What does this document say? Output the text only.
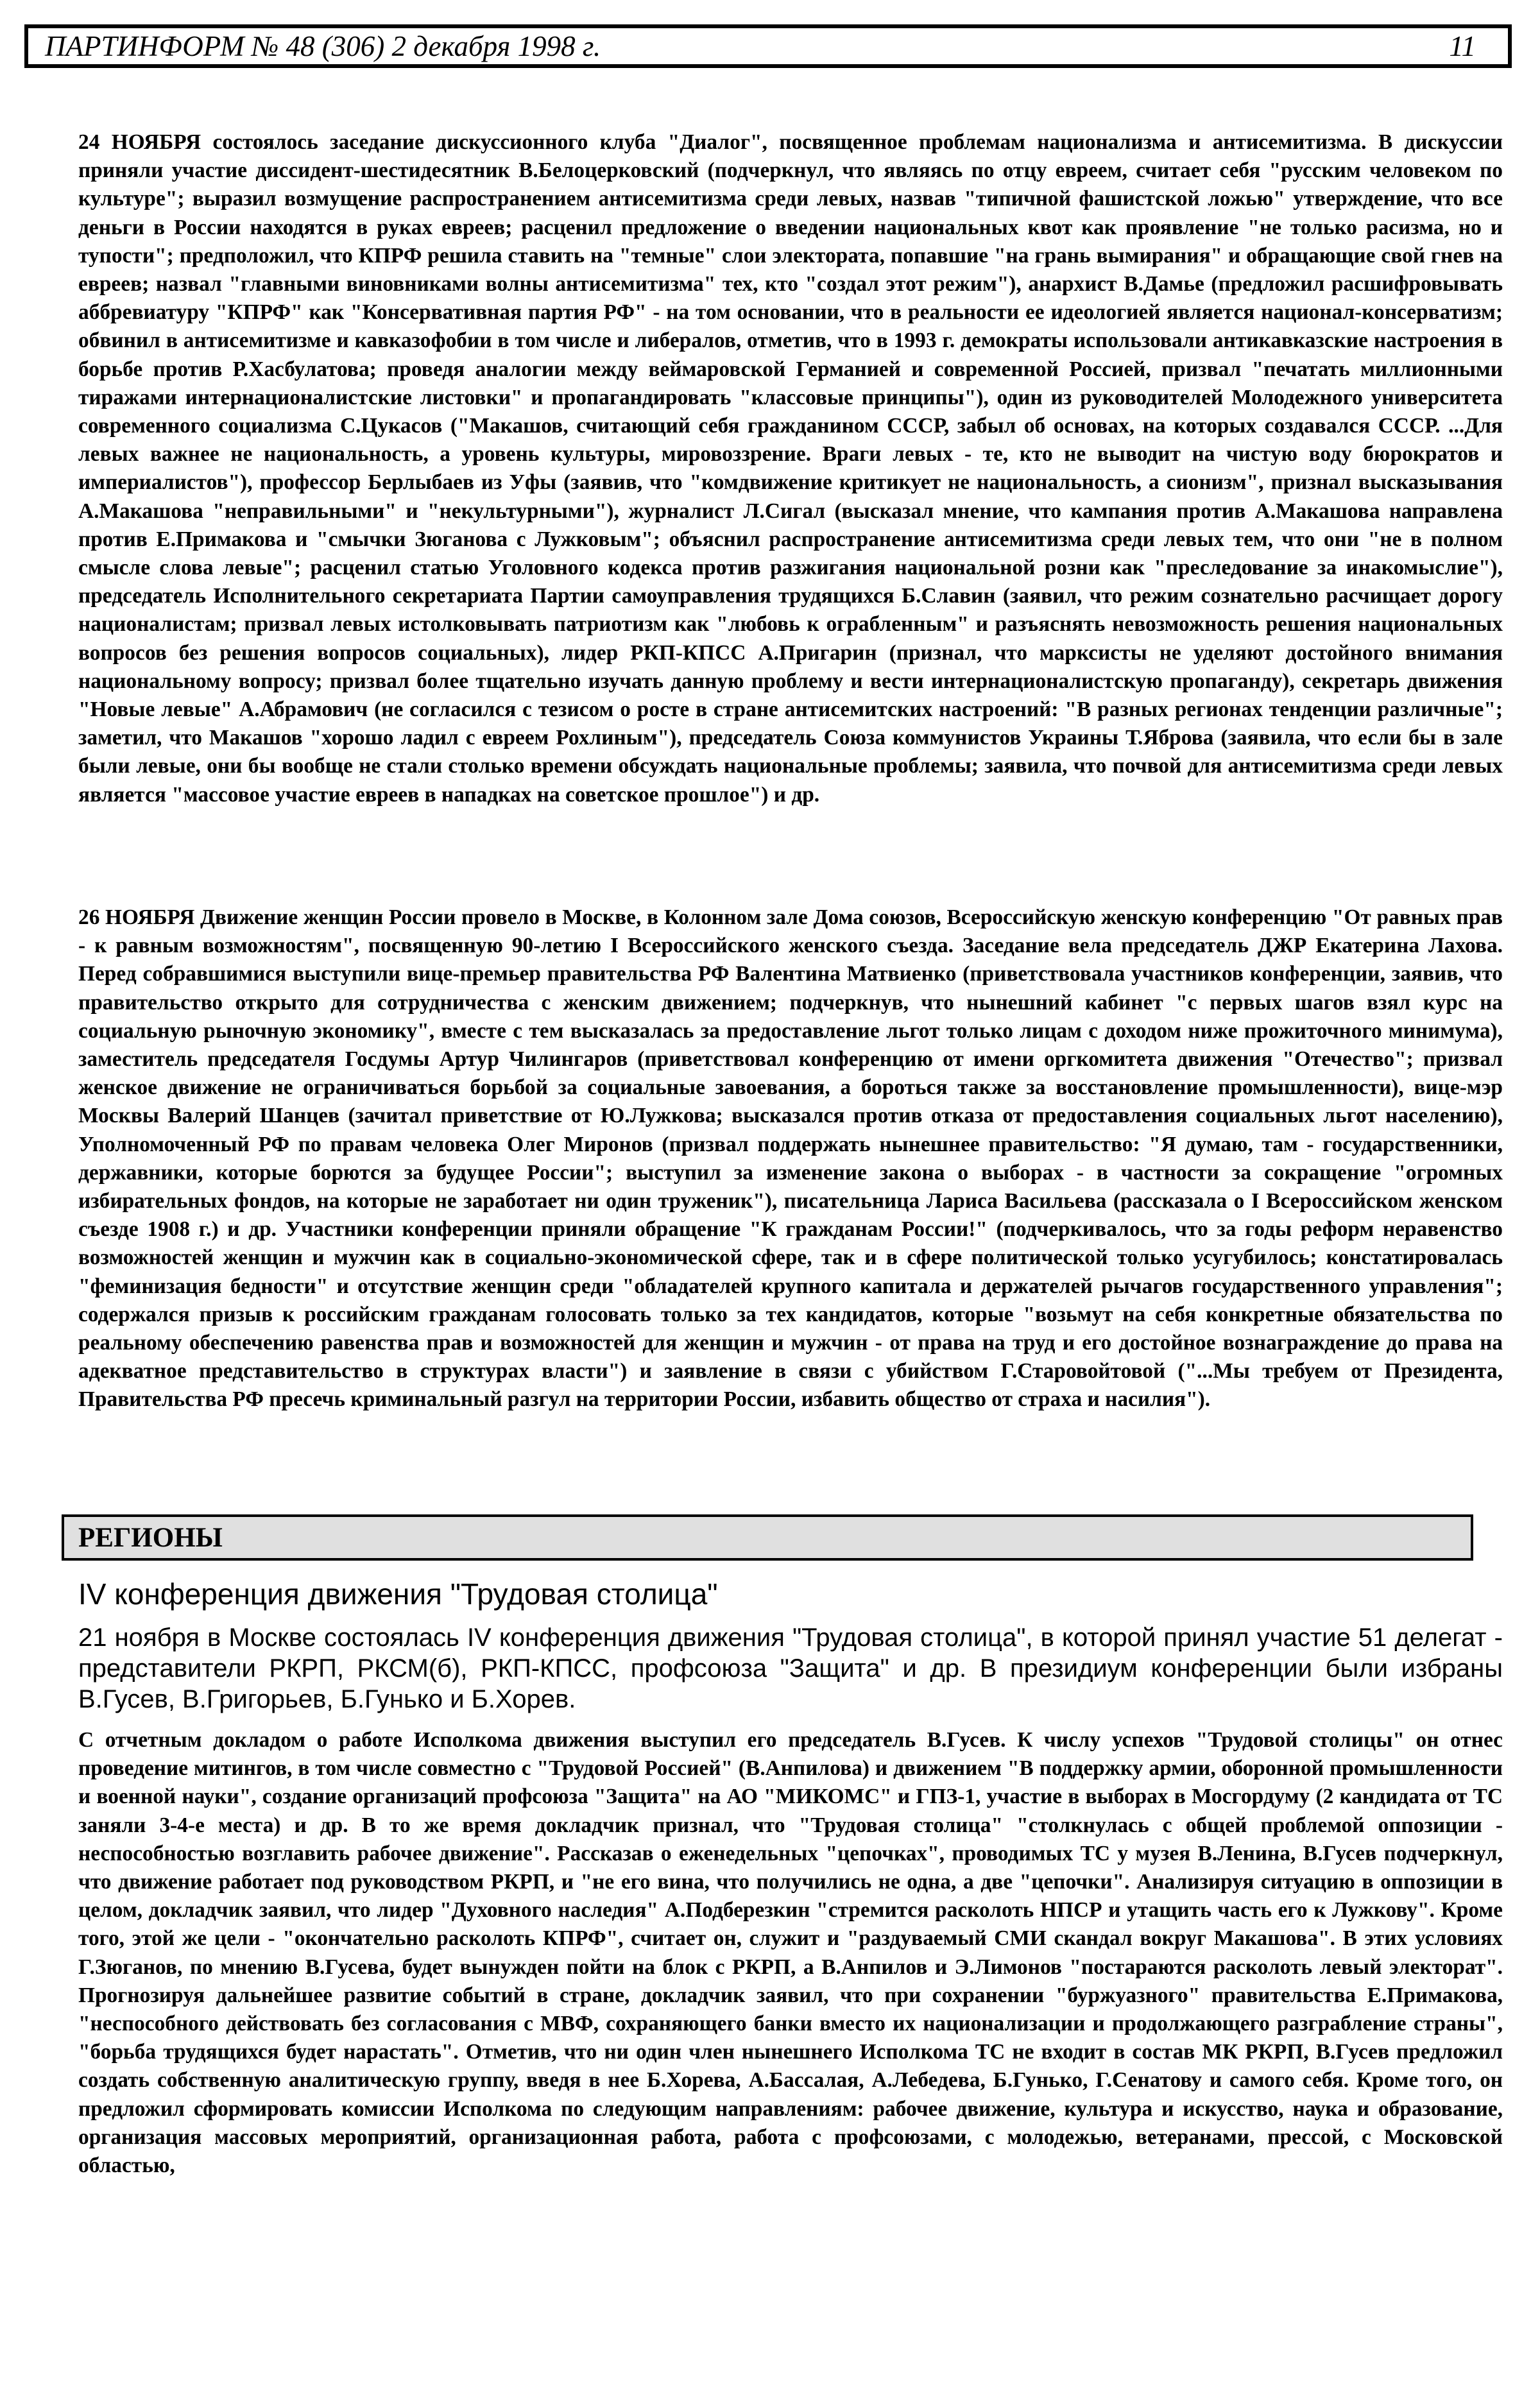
ПАРТИНФОРМ № 48 (306) 2 декабря 1998 г.	11
24 НОЯБРЯ состоялось заседание дискуссионного клуба "Диалог", посвященное проблемам национализма и антисемитизма. В дискуссии приняли участие диссидент-шестидесятник В.Белоцерковский (подчеркнул, что являясь по отцу евреем, считает себя "русским человеком по культуре"; выразил возмущение распространением антисемитизма среди левых, назвав "типичной фашистской ложью" утверждение, что все деньги в России находятся в руках евреев; расценил предложение о введении национальных квот как проявление "не только расизма, но и тупости"; предположил, что КПРФ решила ставить на "темные" слои электората, попавшие "на грань вымирания" и обращающие свой гнев на евреев; назвал "главными виновниками волны антисемитизма" тех, кто "создал этот режим"), анархист В.Дамье (предложил расшифровывать аббревиатуру "КПРФ" как "Консервативная партия РФ" - на том основании, что в реальности ее идеологией является национал-консерватизм; обвинил в антисемитизме и кавказофобии в том числе и либералов, отметив, что в 1993 г. демократы использовали антикавказские настроения в борьбе против Р.Хасбулатова; проведя аналогии между веймаровской Германией и современной Россией, призвал "печатать миллионными тиражами интернационалистские листовки" и пропагандировать "классовые принципы"), один из руководителей Молодежного университета современного социализма С.Цукасов ("Макашов, считающий себя гражданином СССР, забыл об основах, на которых создавался СССР. ...Для левых важнее не национальность, а уровень культуры, мировоззрение. Враги левых - те, кто не выводит на чистую воду бюрократов и империалистов"), профессор Берлыбаев из Уфы (заявив, что "комдвижение критикует не национальность, а сионизм", признал высказывания А.Макашова "неправильными" и "некультурными"), журналист Л.Сигал (высказал мнение, что кампания против А.Макашова направлена против Е.Примакова и "смычки Зюганова с Лужковым"; объяснил распространение антисемитизма среди левых тем, что они "не в полном смысле слова левые"; расценил статью Уголовного кодекса против разжигания национальной розни как "преследование за инакомыслие"), председатель Исполнительного секретариата Партии самоуправления трудящихся Б.Славин (заявил, что режим сознательно расчищает дорогу националистам; призвал левых истолковывать патриотизм как "любовь к ограбленным" и разъяснять невозможность решения национальных вопросов без решения вопросов социальных), лидер РКП-КПСС А.Пригарин (признал, что марксисты не уделяют достойного внимания национальному вопросу; призвал более тщательно изучать данную проблему и вести интернационалистскую пропаганду), секретарь движения "Новые левые" А.Абрамович (не согласился с тезисом о росте в стране антисемитских настроений: "В разных регионах тенденции различные"; заметил, что Макашов "хорошо ладил с евреем Рохлиным"), председатель Союза коммунистов Украины Т.Яброва (заявила, что если бы в зале были левые, они бы вообще не стали столько времени обсуждать национальные проблемы; заявила, что почвой для антисемитизма среди левых является "массовое участие евреев в нападках на советское прошлое") и др.
26 НОЯБРЯ Движение женщин России провело в Москве, в Колонном зале Дома союзов, Всероссийскую женскую конференцию "От равных прав - к равным возможностям", посвященную 90-летию I Всероссийского женского съезда. Заседание вела председатель ДЖР Екатерина Лахова. Перед собравшимися выступили вице-премьер правительства РФ Валентина Матвиенко (приветствовала участников конференции, заявив, что правительство открыто для сотрудничества с женским движением; подчеркнув, что нынешний кабинет "с первых шагов взял курс на социальную рыночную экономику", вместе с тем высказалась за предоставление льгот только лицам с доходом ниже прожиточного минимума), заместитель председателя Госдумы Артур Чилингаров (приветствовал конференцию от имени оргкомитета движения "Отечество"; призвал женское движение не ограничиваться борьбой за социальные завоевания, а бороться также за восстановление промышленности), вице-мэр Москвы Валерий Шанцев (зачитал приветствие от Ю.Лужкова; высказался против отказа от предоставления социальных льгот населению), Уполномоченный РФ по правам человека Олег Миронов (призвал поддержать нынешнее правительство: "Я думаю, там - государственники, державники, которые борются за будущее России"; выступил за изменение закона о выборах - в частности за сокращение "огромных избирательных фондов, на которые не заработает ни один труженик"), писательница Лариса Васильева (рассказала о I Всероссийском женском съезде 1908 г.) и др. Участники конференции приняли обращение "К гражданам России!" (подчеркивалось, что за годы реформ неравенство возможностей женщин и мужчин как в социально-экономической сфере, так и в сфере политической только усугубилось; констатировалась "феминизация бедности" и отсутствие женщин среди "обладателей крупного капитала и держателей рычагов государственного управления"; содержался призыв к российским гражданам голосовать только за тех кандидатов, которые "возьмут на себя конкретные обязательства по реальному обеспечению равенства прав и возможностей для женщин и мужчин - от права на труд и его достойное вознаграждение до права на адекватное представительство в структурах власти") и заявление в связи с убийством Г.Старовойтовой ("...Мы требуем от Президента, Правительства РФ пресечь криминальный разгул на территории России, избавить общество от страха и насилия").
РЕГИОНЫ
IV конференция движения "Трудовая столица"
21 ноября в Москве состоялась IV конференция движения "Трудовая столица", в которой принял участие 51 делегат - представители РКРП, РКСМ(б), РКП-КПСС, профсоюза "Защита" и др. В президиум конференции были избраны В.Гусев, В.Григорьев, Б.Гунько и Б.Хорев.
С отчетным докладом о работе Исполкома движения выступил его председатель В.Гусев. К числу успехов "Трудовой столицы" он отнес проведение митингов, в том числе совместно с "Трудовой Россией" (В.Анпилова) и движением "В поддержку армии, оборонной промышленности и военной науки", создание организаций профсоюза "Защита" на АО "МИКОМС" и ГПЗ-1, участие в выборах в Мосгордуму (2 кандидата от ТС заняли 3-4-е места) и др. В то же время докладчик признал, что "Трудовая столица" "столкнулась с общей проблемой оппозиции - неспособностью возглавить рабочее движение". Рассказав о еженедельных "цепочках", проводимых ТС у музея В.Ленина, В.Гусев подчеркнул, что движение работает под руководством РКРП, и "не его вина, что получились не одна, а две "цепочки". Анализируя ситуацию в оппозиции в целом, докладчик заявил, что лидер "Духовного наследия" А.Подберезкин "стремится расколоть НПСР и утащить часть его к Лужкову". Кроме того, этой же цели - "окончательно расколоть КПРФ", считает он, служит и "раздуваемый СМИ скандал вокруг Макашова". В этих условиях Г.Зюганов, по мнению В.Гусева, будет вынужден пойти на блок с РКРП, а В.Анпилов и Э.Лимонов "постараются расколоть левый электорат". Прогнозируя дальнейшее развитие событий в стране, докладчик заявил, что при сохранении "буржуазного" правительства Е.Примакова, "неспособного действовать без согласования с МВФ, сохраняющего банки вместо их национализации и продолжающего разграбление страны", "борьба трудящихся будет нарастать". Отметив, что ни один член нынешнего Исполкома ТС не входит в состав МК РКРП, В.Гусев предложил создать собственную аналитическую группу, введя в нее Б.Хорева, А.Бассалая, А.Лебедева, Б.Гунько, Г.Сенатову и самого себя. Кроме того, он предложил сформировать комиссии Исполкома по следующим направлениям: рабочее движение, культура и искусство, наука и образование, организация массовых мероприятий, организационная работа, работа с профсоюзами, с молодежью, ветеранами, прессой, с Московской областью,
